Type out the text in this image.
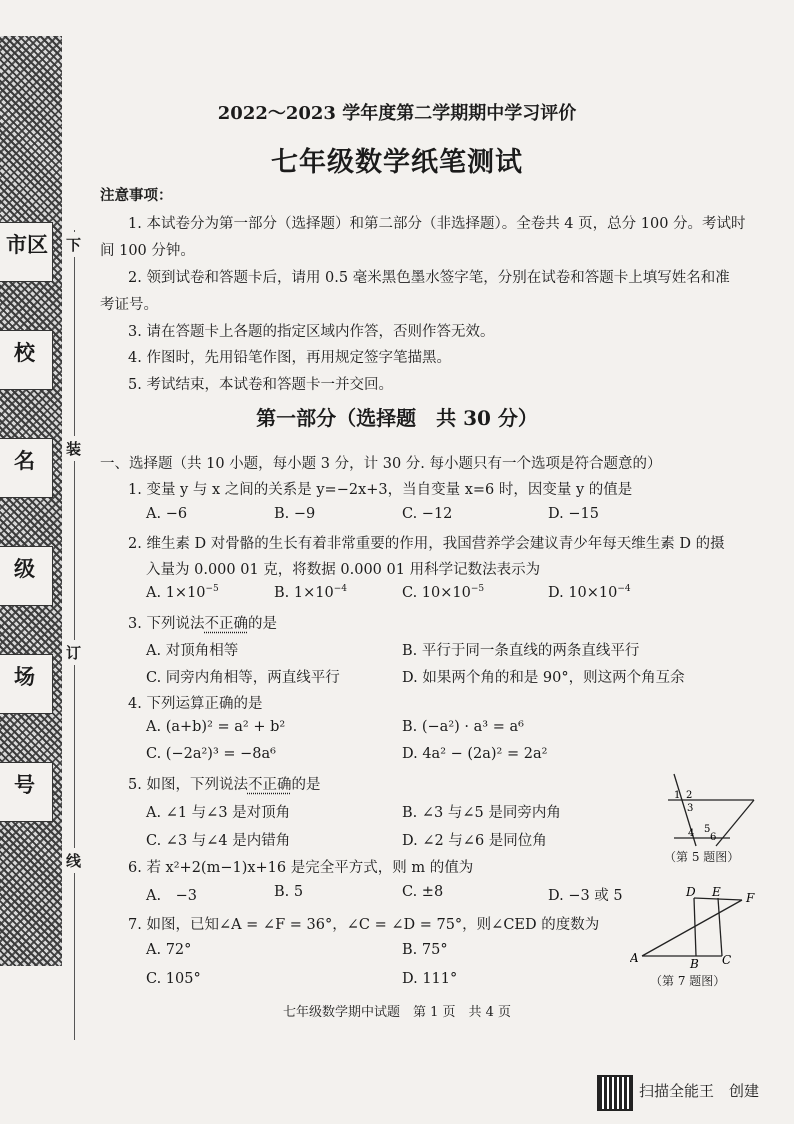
市区
校
名
级
场
号
下
装
订
线
2022～2023 学年度第二学期期中学习评价
七年级数学纸笔测试
注意事项：
1. 本试卷分为第一部分（选择题）和第二部分（非选择题）。全卷共 4 页，总分 100 分。考试时
间 100 分钟。
2. 领到试卷和答题卡后，请用 0.5 毫米黑色墨水签字笔，分别在试卷和答题卡上填写姓名和准
考证号。
3. 请在答题卡上各题的指定区域内作答，否则作答无效。
4. 作图时，先用铅笔作图，再用规定签字笔描黑。
5. 考试结束，本试卷和答题卡一并交回。
第一部分（选择题　共 30 分）
一、选择题（共 10 小题，每小题 3 分，计 30 分. 每小题只有一个选项是符合题意的）
1. 变量 y 与 x 之间的关系是 y=−2x+3，当自变量 x=6 时，因变量 y 的值是
A. −6	B. −9	C. −12	D. −15
2. 维生素 D 对骨骼的生长有着非常重要的作用，我国营养学会建议青少年每天维生素 D 的摄
入量为 0.000 01 克，将数据 0.000 01 用科学记数法表示为
A. $1\times 10^{-5}$	B. $1\times 10^{-4}$	C. $10\times 10^{-5}$	D. $10\times 10^{-4}$
3. 下列说法不正确的是
A. 对顶角相等	B. 平行于同一条直线的两条直线平行
C. 同旁内角相等，两直线平行	D. 如果两个角的和是 90°，则这两个角互余
4. 下列运算正确的是
A. (a+b)² = a² + b²	B. (−a²) · a³ = a⁶
C. (−2a²)³ = −8a⁶	D. 4a² − (2a)² = 2a²
5. 如图，下列说法不正确的是
A. ∠1 与∠3 是对顶角	B. ∠3 与∠5 是同旁内角
C. ∠3 与∠4 是内错角	D. ∠2 与∠6 是同位角
1 2
3
4 5
6
（第 5 题图）
6. 若 x²+2(m−1)x+16 是完全平方式，则 m 的值为
A.　−3	B. 5	C. ±8	D. −3 或 5
7. 如图，已知∠A = ∠F = 36°，∠C = ∠D = 75°，则∠CED 的度数为
A. 72°	B. 75°
C. 105°	D. 111°
D E F
A	B C
（第 7 题图）
七年级数学期中试题　第 1 页　共 4 页
扫描全能王　创建
